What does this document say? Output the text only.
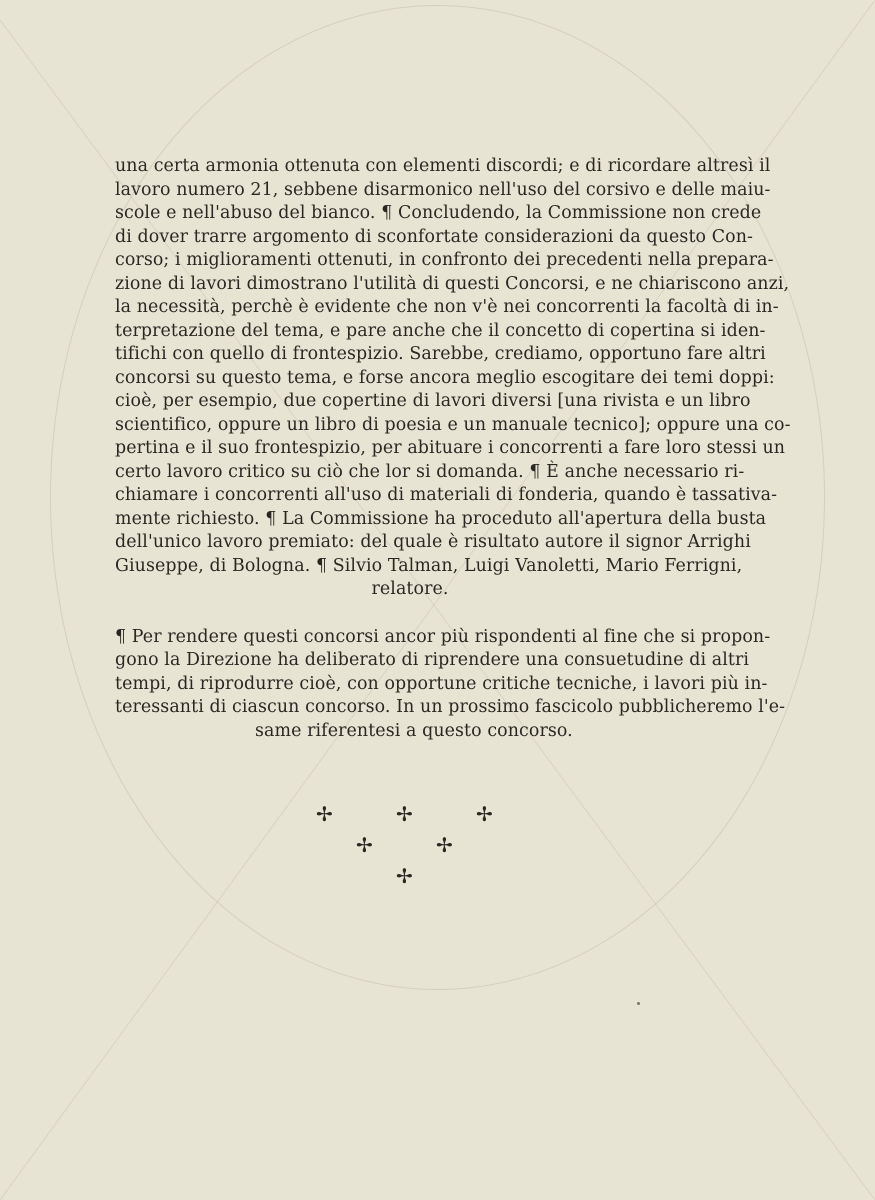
una certa armonia ottenuta con elementi discordi; e di ricordare altresì il
lavoro numero 21, sebbene disarmonico nell'uso del corsivo e delle maiu-
scole e nell'abuso del bianco. ¶ Concludendo, la Commissione non crede
di dover trarre argomento di sconfortate considerazioni da questo Con-
corso; i miglioramenti ottenuti, in confronto dei precedenti nella prepara-
zione di lavori dimostrano l'utilità di questi Concorsi, e ne chiariscono anzi,
la necessità, perchè è evidente che non v'è nei concorrenti la facoltà di in-
terpretazione del tema, e pare anche che il concetto di copertina si iden-
tifichi con quello di frontespizio. Sarebbe, crediamo, opportuno fare altri
concorsi su questo tema, e forse ancora meglio escogitare dei temi doppi:
cioè, per esempio, due copertine di lavori diversi [una rivista e un libro
scientifico, oppure un libro di poesia e un manuale tecnico]; oppure una co-
pertina e il suo frontespizio, per abituare i concorrenti a fare loro stessi un
certo lavoro critico su ciò che lor si domanda. ¶ È anche necessario ri-
chiamare i concorrenti all'uso di materiali di fonderia, quando è tassativa-
mente richiesto. ¶ La Commissione ha proceduto all'apertura della busta
dell'unico lavoro premiato: del quale è risultato autore il signor Arrighi
Giuseppe, di Bologna. ¶ Silvio Talman, Luigi Vanoletti, Mario Ferrigni,
relatore.
¶ Per rendere questi concorsi ancor più rispondenti al fine che si propon-
gono la Direzione ha deliberato di riprendere una consuetudine di altri
tempi, di riprodurre cioè, con opportune critiche tecniche, i lavori più in-
teressanti di ciascun concorso. In un prossimo fascicolo pubblicheremo l'e-
same riferentesi a questo concorso.
✢	✢	✢
✢	✢
✢
